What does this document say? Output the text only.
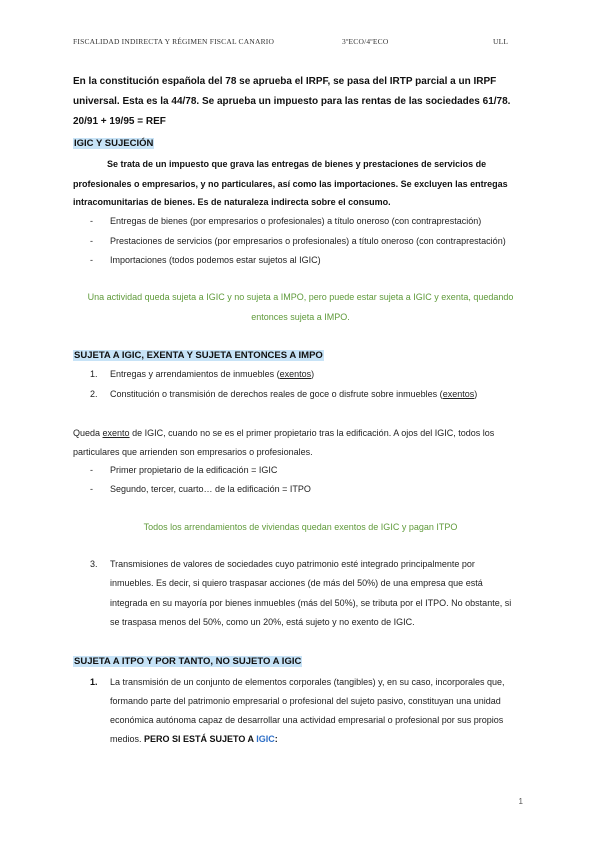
FISCALIDAD INDIRECTA Y RÉGIMEN FISCAL CANARIO	3ºECO/4ºECO	ULL
En la constitución española del 78 se aprueba el IRPF, se pasa del IRTP parcial a un IRPF
universal. Esta es la 44/78. Se aprueba un impuesto para las rentas de las sociedades 61/78.
20/91 + 19/95 = REF
IGIC Y SUJECIÓN
Se trata de un impuesto que grava las entregas de bienes y prestaciones de servicios de
profesionales o empresarios, y no particulares, así como las importaciones. Se excluyen las entregas
intracomunitarias de bienes. Es de naturaleza indirecta sobre el consumo.
- Entregas de bienes (por empresarios o profesionales) a título oneroso (con contraprestación)
- Prestaciones de servicios (por empresarios o profesionales) a título oneroso (con contraprestación)
- Importaciones (todos podemos estar sujetos al IGIC)
Una actividad queda sujeta a IGIC y no sujeta a IMPO, pero puede estar sujeta a IGIC y exenta, quedando
entonces sujeta a IMPO.
SUJETA A IGIC, EXENTA Y SUJETA ENTONCES A IMPO
1. Entregas y arrendamientos de inmuebles (exentos)
2. Constitución o transmisión de derechos reales de goce o disfrute sobre inmuebles (exentos)
Queda exento de IGIC, cuando no se es el primer propietario tras la edificación. A ojos del IGIC, todos los
particulares que arrienden son empresarios o profesionales.
- Primer propietario de la edificación = IGIC
- Segundo, tercer, cuarto… de la edificación = ITPO
Todos los arrendamientos de viviendas quedan exentos de IGIC y pagan ITPO
3. Transmisiones de valores de sociedades cuyo patrimonio esté integrado principalmente por
inmuebles. Es decir, si quiero traspasar acciones (de más del 50%) de una empresa que está
integrada en su mayoría por bienes inmuebles (más del 50%), se tributa por el ITPO. No obstante, si
se traspasa menos del 50%, como un 20%, está sujeto y no exento de IGIC.
SUJETA A ITPO Y POR TANTO, NO SUJETO A IGIC
1. La transmisión de un conjunto de elementos corporales (tangibles) y, en su caso, incorporales que,
formando parte del patrimonio empresarial o profesional del sujeto pasivo, constituyan una unidad
económica autónoma capaz de desarrollar una actividad empresarial o profesional por sus propios
medios. PERO SI ESTÁ SUJETO A IGIC:
1
